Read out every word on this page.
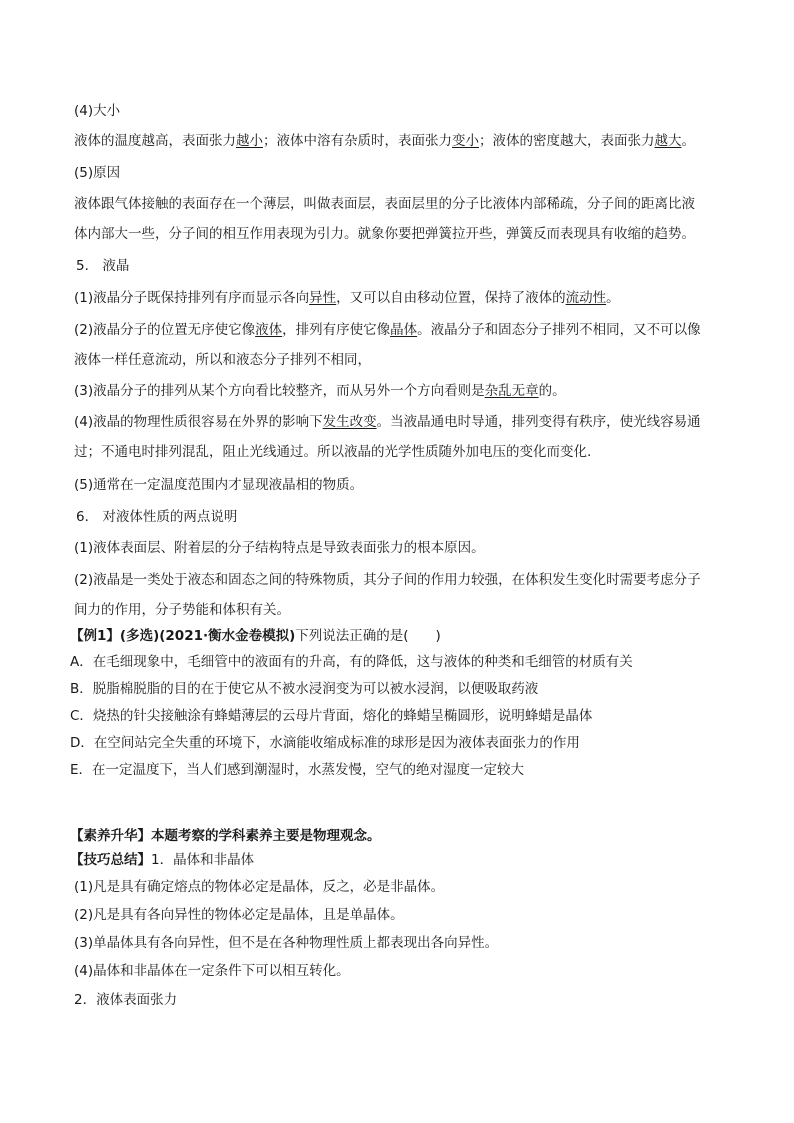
(4)大小
液体的温度越高，表面张力越小；液体中溶有杂质时，表面张力变小；液体的密度越大，表面张力越大。
(5)原因
液体跟气体接触的表面存在一个薄层，叫做表面层，表面层里的分子比液体内部稀疏，分子间的距离比液
体内部大一些，分子间的相互作用表现为引力。就象你要把弹簧拉开些，弹簧反而表现具有收缩的趋势。
5． 液晶
(1)液晶分子既保持排列有序而显示各向异性，又可以自由移动位置，保持了液体的流动性。
(2)液晶分子的位置无序使它像液体，排列有序使它像晶体。液晶分子和固态分子排列不相同，又不可以像
液体一样任意流动，所以和液态分子排列不相同，
(3)液晶分子的排列从某个方向看比较整齐，而从另外一个方向看则是杂乱无章的。
(4)液晶的物理性质很容易在外界的影响下发生改变。当液晶通电时导通，排列变得有秩序，使光线容易通
过；不通电时排列混乱，阻止光线通过。所以液晶的光学性质随外加电压的变化而变化.
(5)通常在一定温度范围内才显现液晶相的物质。
6． 对液体性质的两点说明
(1)液体表面层、附着层的分子结构特点是导致表面张力的根本原因。
(2)液晶是一类处于液态和固态之间的特殊物质，其分子间的作用力较强，在体积发生变化时需要考虑分子
间力的作用，分子势能和体积有关。
【例1】(多选)(2021·衡水金卷模拟)下列说法正确的是(　　)
A．在毛细现象中，毛细管中的液面有的升高，有的降低，这与液体的种类和毛细管的材质有关
B．脱脂棉脱脂的目的在于使它从不被水浸润变为可以被水浸润，以便吸取药液
C．烧热的针尖接触涂有蜂蜡薄层的云母片背面，熔化的蜂蜡呈椭圆形，说明蜂蜡是晶体
D．在空间站完全失重的环境下，水滴能收缩成标准的球形是因为液体表面张力的作用
E．在一定温度下，当人们感到潮湿时，水蒸发慢，空气的绝对湿度一定较大
【素养升华】本题考察的学科素养主要是物理观念。
【技巧总结】1．晶体和非晶体
(1)凡是具有确定熔点的物体必定是晶体，反之，必是非晶体。
(2)凡是具有各向异性的物体必定是晶体，且是单晶体。
(3)单晶体具有各向异性，但不是在各种物理性质上都表现出各向异性。
(4)晶体和非晶体在一定条件下可以相互转化。
2．液体表面张力
